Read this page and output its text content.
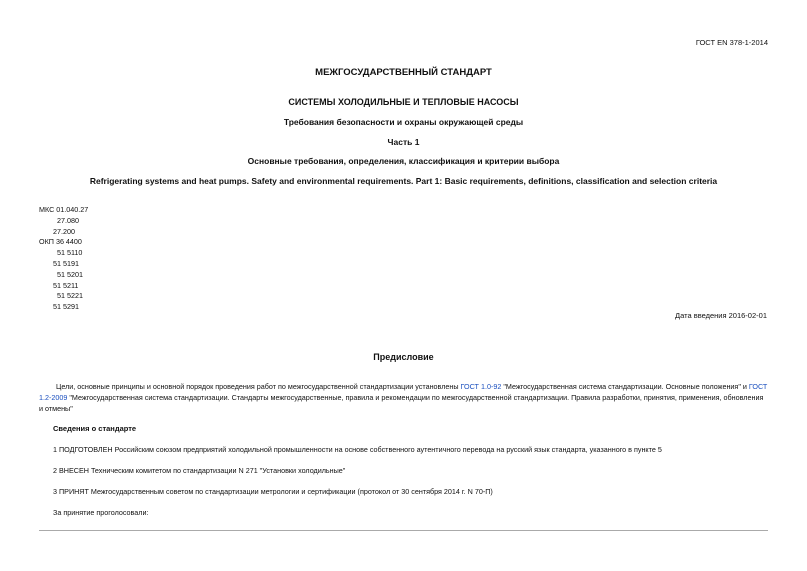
ГОСТ EN 378-1-2014
МЕЖГОСУДАРСТВЕННЫЙ СТАНДАРТ
СИСТЕМЫ ХОЛОДИЛЬНЫЕ И ТЕПЛОВЫЕ НАСОСЫ
Требования безопасности и охраны окружающей среды
Часть 1
Основные требования, определения, классификация и критерии выбора
Refrigerating systems and heat pumps. Safety and environmental requirements. Part 1: Basic requirements, definitions, classification and selection criteria
МКС 01.040.27
27.080
27.200
ОКП 36 4400
51 5110
51 5191
51 5201
51 5211
51 5221
51 5291
Дата введения 2016-02-01
Предисловие
Цели, основные принципы и основной порядок проведения работ по межгосударственной стандартизации установлены ГОСТ 1.0-92 "Межгосударственная система стандартизации. Основные положения" и ГОСТ 1.2-2009 "Межгосударственная система стандартизации. Стандарты межгосударственные, правила и рекомендации по межгосударственной стандартизации. Правила разработки, принятия, применения, обновления и отмены"
Сведения о стандарте
1 ПОДГОТОВЛЕН Российским союзом предприятий холодильной промышленности на основе собственного аутентичного перевода на русский язык стандарта, указанного в пункте 5
2 ВНЕСЕН Техническим комитетом по стандартизации N 271 "Установки холодильные"
3 ПРИНЯТ Межгосударственным советом по стандартизации метрологии и сертификации (протокол от 30 сентября 2014 г. N 70-П)
За принятие проголосовали:
